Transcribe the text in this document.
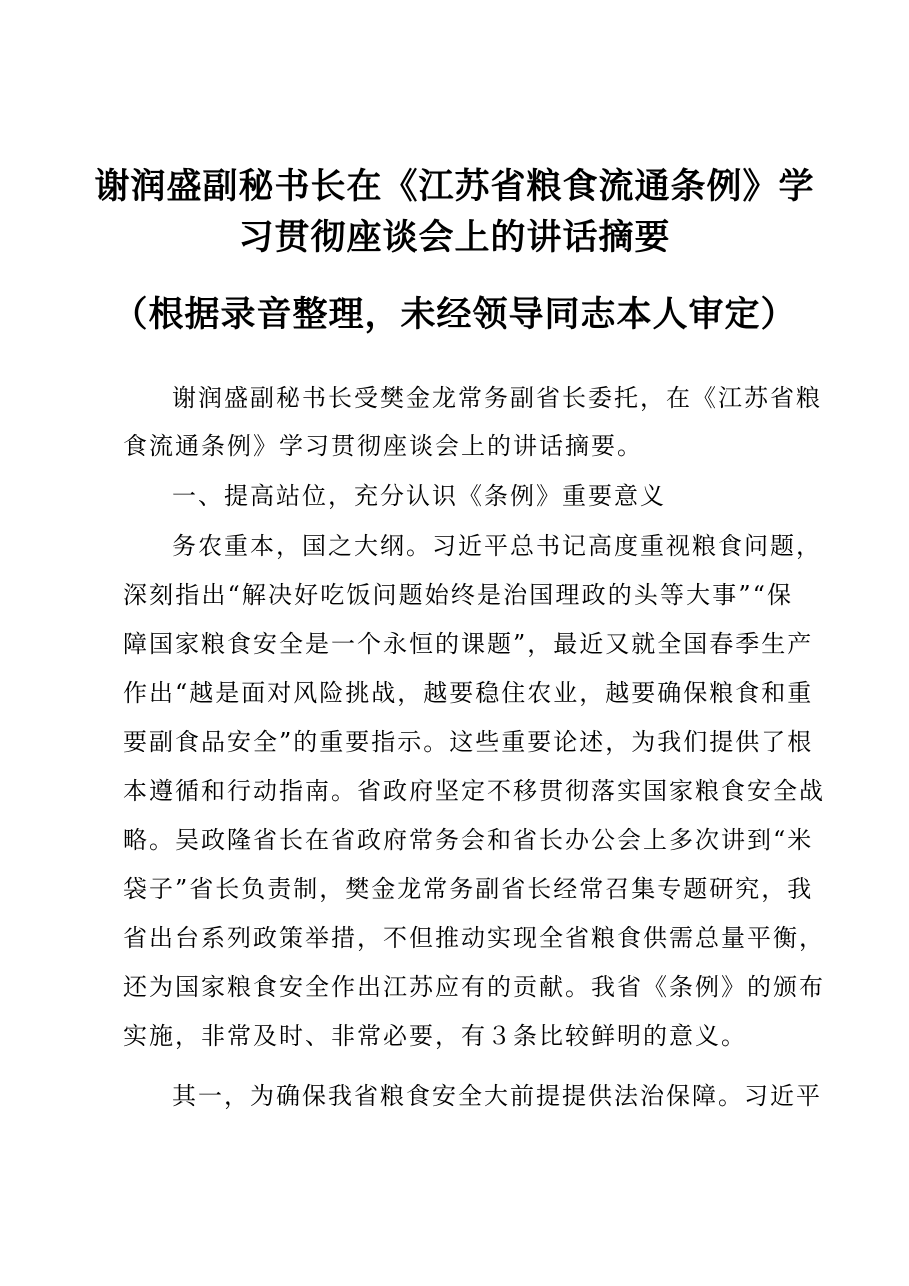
谢润盛副秘书长在《江苏省粮食流通条例》学
习贯彻座谈会上的讲话摘要
（根据录音整理，未经领导同志本人审定）

谢润盛副秘书长受樊金龙常务副省长委托，在《江苏省粮

食流通条例》学习贯彻座谈会上的讲话摘要。

一、提高站位，充分认识《条例》重要意义

务农重本，国之大纲。习近平总书记高度重视粮食问题，

深刻指出“解决好吃饭问题始终是治国理政的头等大事”“保

障国家粮食安全是一个永恒的课题”，最近又就全国春季生产

作出“越是面对风险挑战，越要稳住农业，越要确保粮食和重

要副食品安全”的重要指示。这些重要论述，为我们提供了根

本遵循和行动指南。省政府坚定不移贯彻落实国家粮食安全战

略。吴政隆省长在省政府常务会和省长办公会上多次讲到“米

袋子”省长负责制，樊金龙常务副省长经常召集专题研究，我

省出台系列政策举措，不但推动实现全省粮食供需总量平衡，

还为国家粮食安全作出江苏应有的贡献。我省《条例》的颁布

实施，非常及时、非常必要，有３条比较鲜明的意义。

其一，为确保我省粮食安全大前提提供法治保障。习近平
